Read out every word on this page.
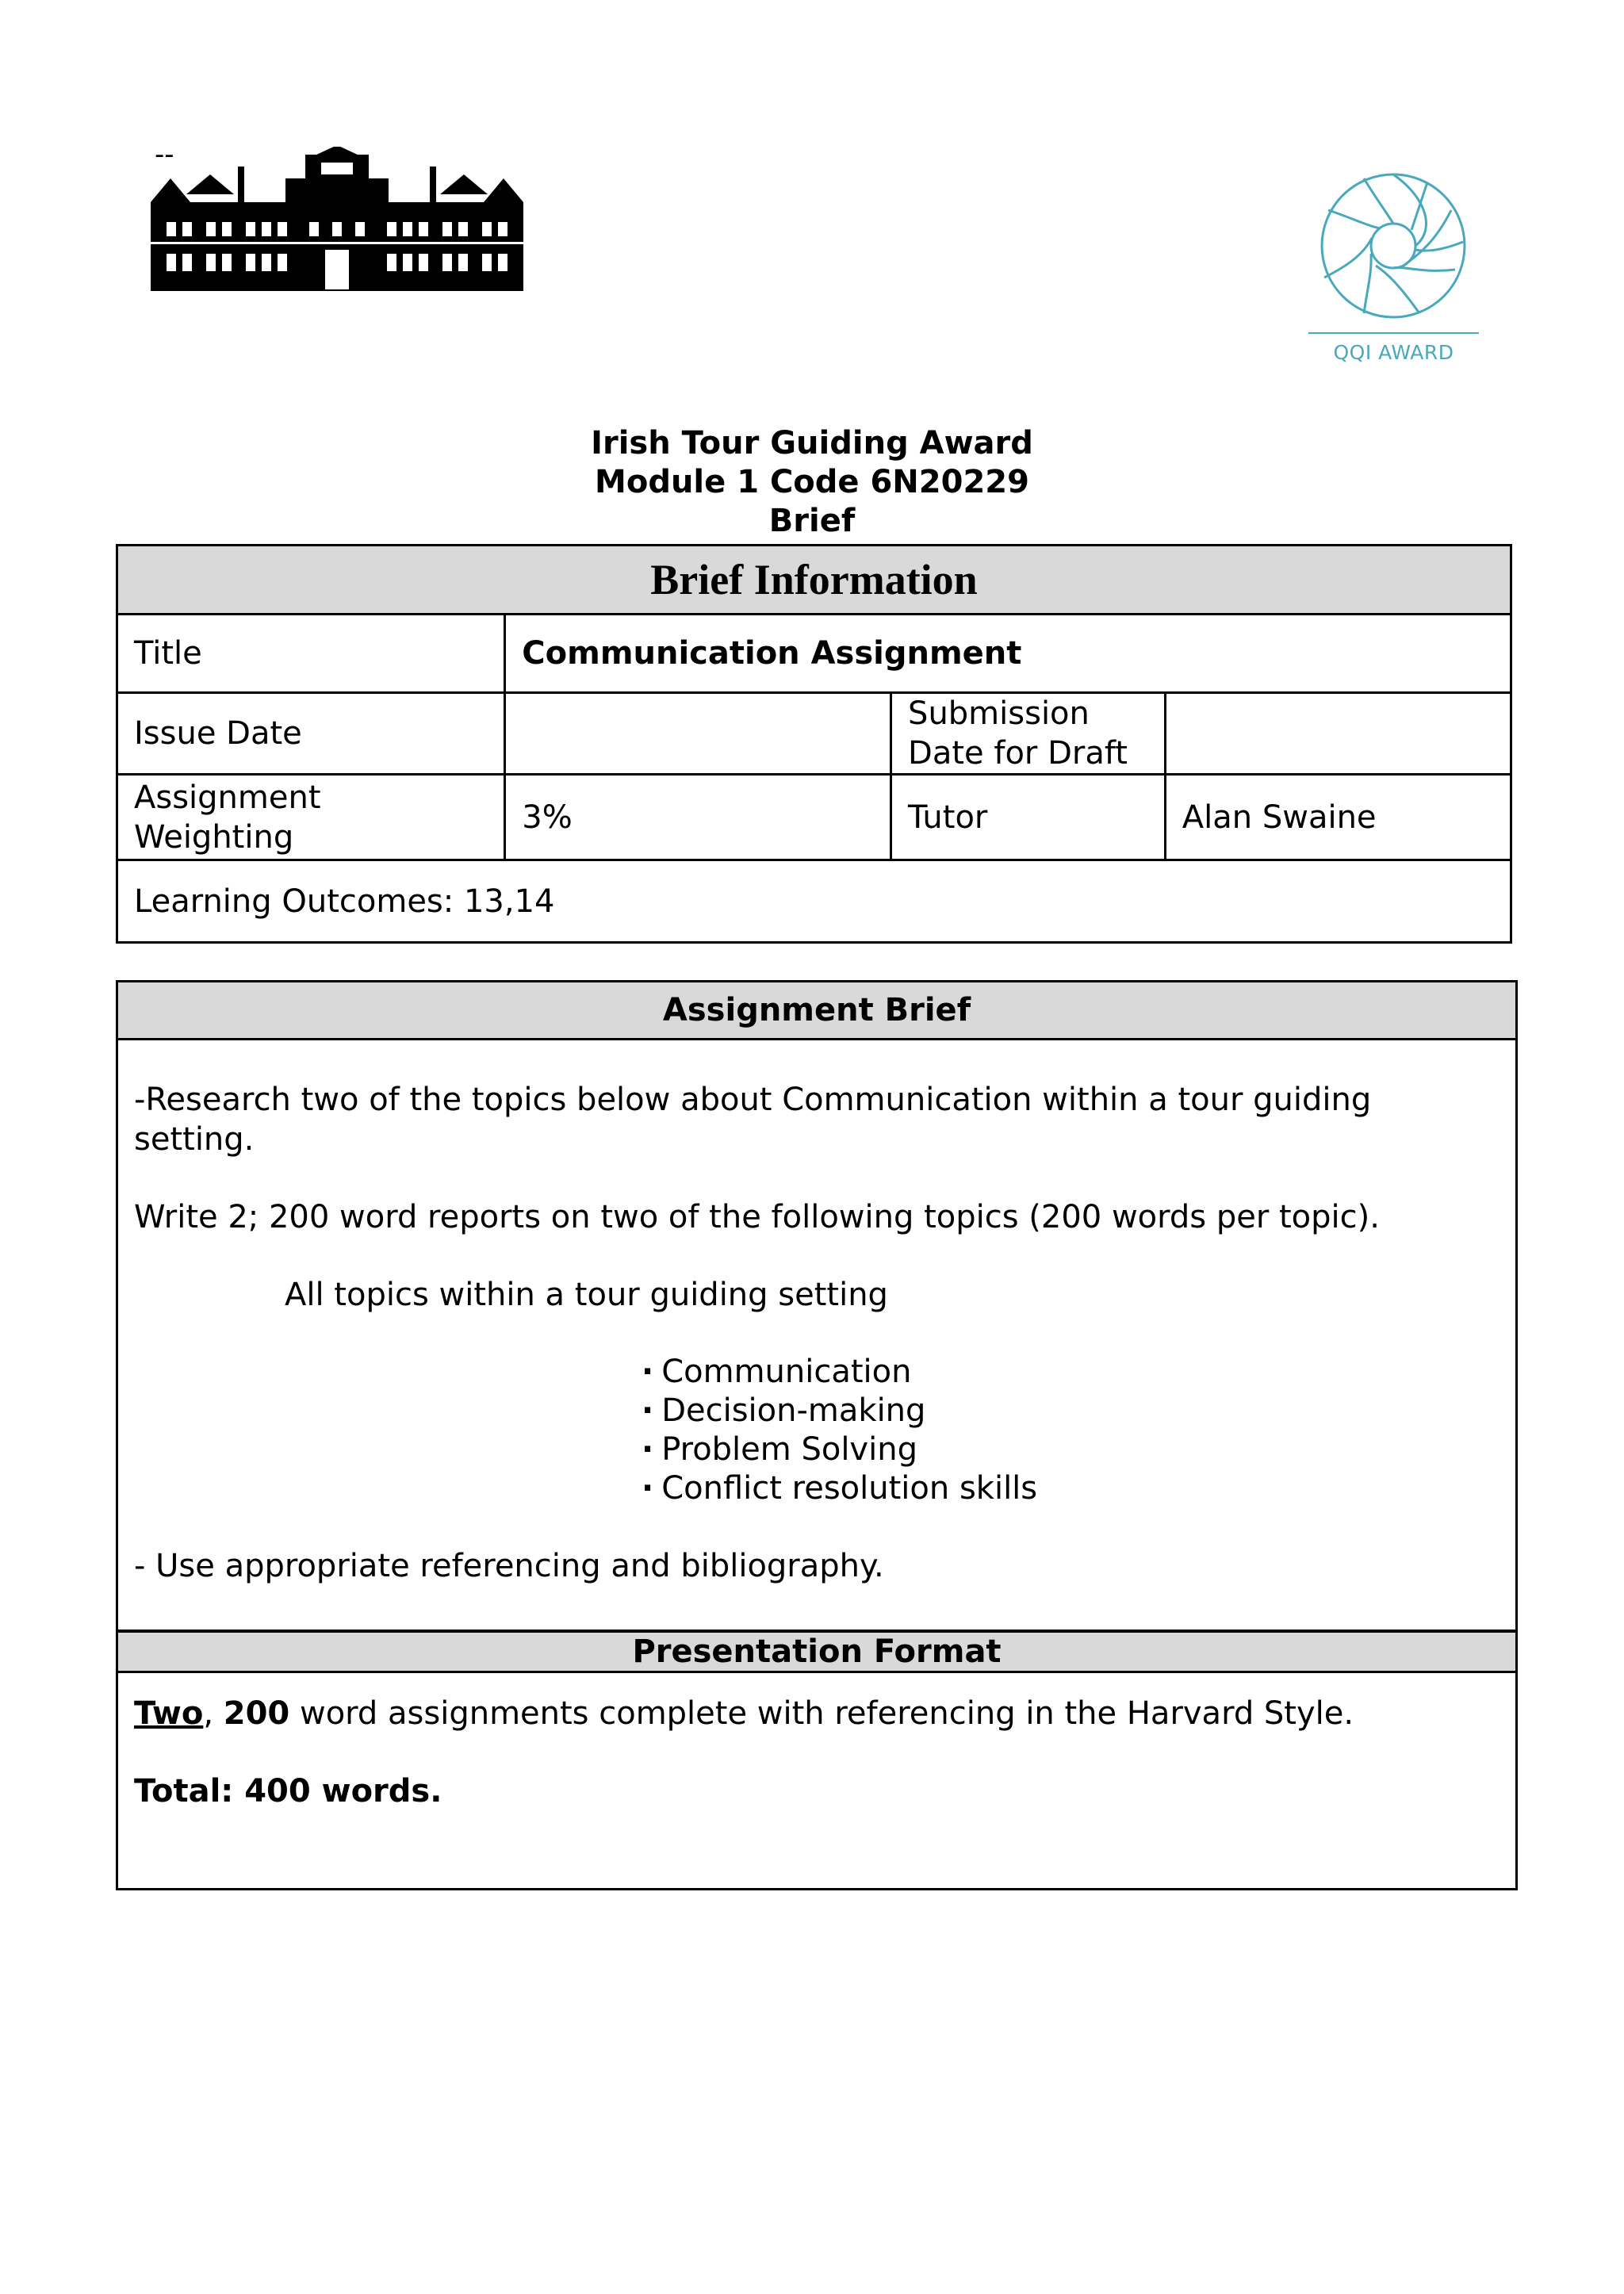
--
QQI AWARD
Irish Tour Guiding Award
Module 1 Code 6N20229
Brief
Brief Information			
Title	Communication Assignment		
Issue Date		Submission Date for Draft	
Assignment Weighting	3%	Tutor	Alan Swaine
Learning Outcomes: 13,14			
Assignment Brief

-Research two of the topics below about Communication within a tour guiding setting.

Write 2; 200 word reports on two of the following topics (200 words per topic).

All topics within a tour guiding setting

· Communication
· Decision-making
· Problem Solving
· Conflict resolution skills

- Use appropriate referencing and bibliography.

Presentation Format

Two, 200 word assignments complete with referencing in the Harvard Style.

Total: 400 words.
